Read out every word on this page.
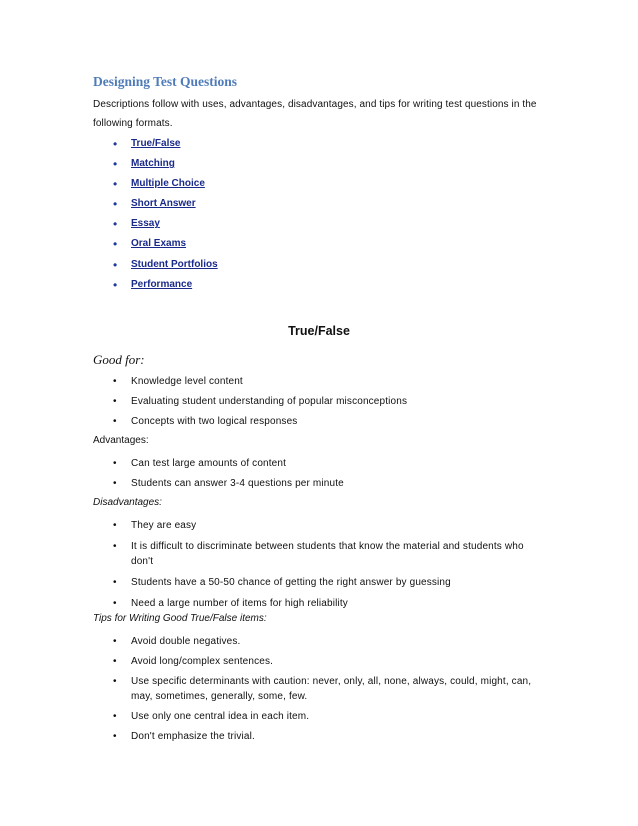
Designing Test Questions
Descriptions follow with uses, advantages, disadvantages, and tips for writing test questions in the following formats.
• True/False
• Matching
• Multiple Choice
• Short Answer
• Essay
• Oral Exams
• Student Portfolios
• Performance
True/False
Good for:
• Knowledge level content
• Evaluating student understanding of popular misconceptions
• Concepts with two logical responses
Advantages:
• Can test large amounts of content
• Students can answer 3-4 questions per minute
Disadvantages:
• They are easy
• It is difficult to discriminate between students that know the material and students who don't
• Students have a 50-50 chance of getting the right answer by guessing
• Need a large number of items for high reliability
Tips for Writing Good True/False items:
• Avoid double negatives.
• Avoid long/complex sentences.
• Use specific determinants with caution: never, only, all, none, always, could, might, can, may, sometimes, generally, some, few.
• Use only one central idea in each item.
• Don't emphasize the trivial.
